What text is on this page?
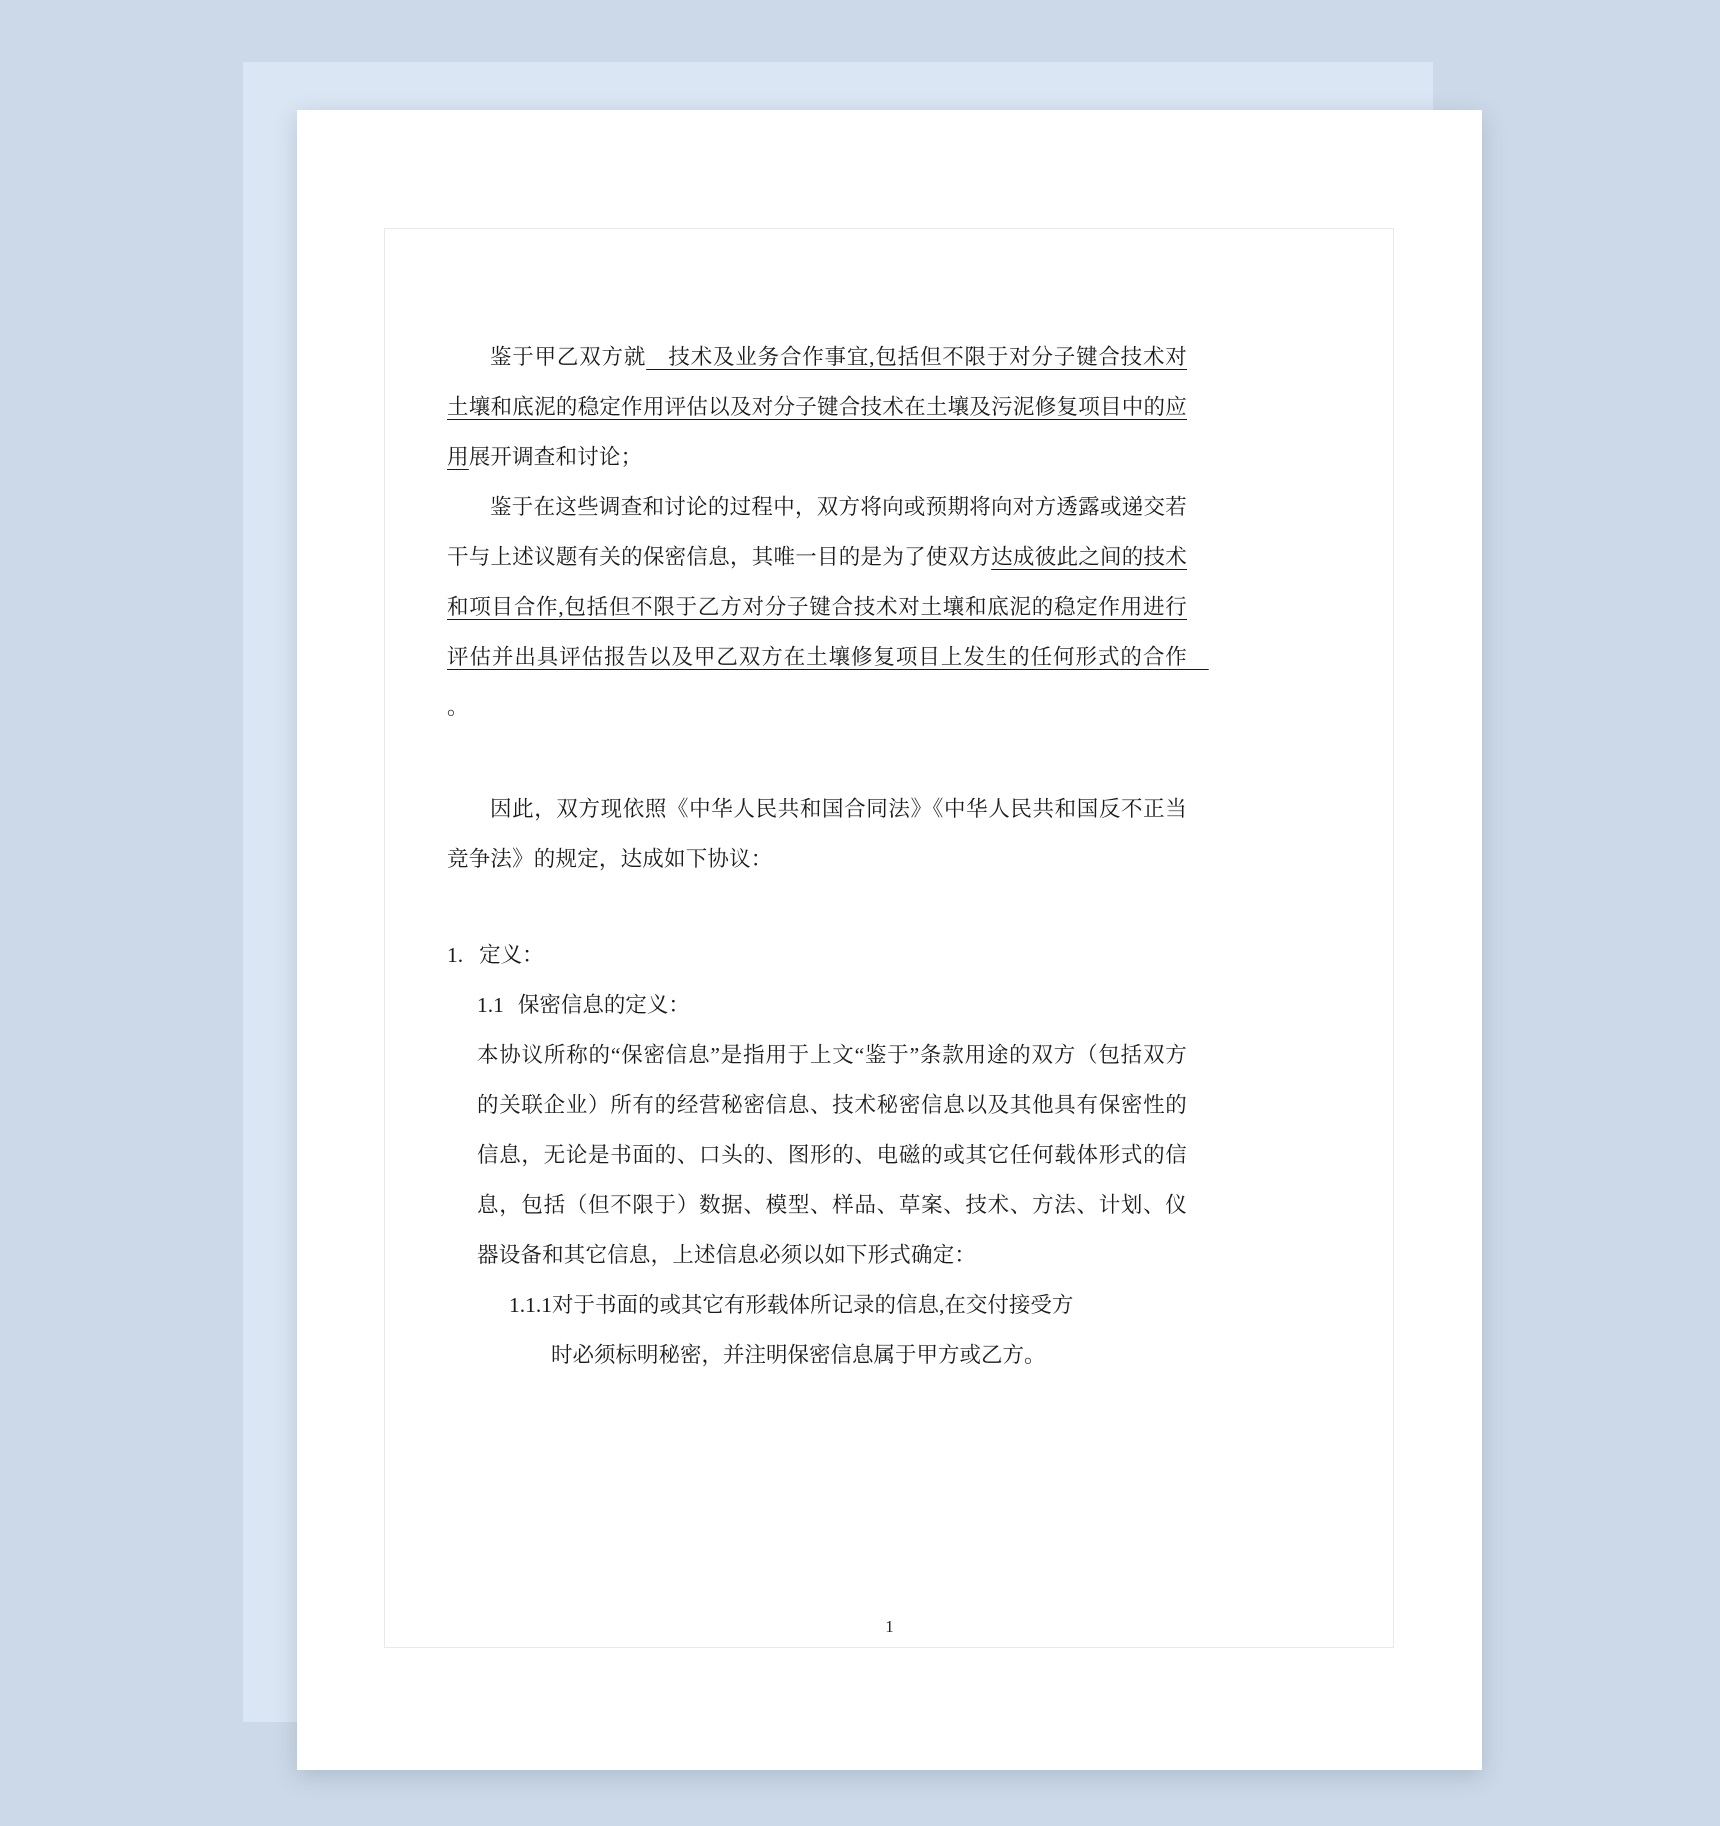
鉴于甲乙双方就　技术及业务合作事宜,包括但不限于对分子键合技术对土壤和底泥的稳定作用评估以及对分子键合技术在土壤及污泥修复项目中的应用展开调查和讨论；

鉴于在这些调查和讨论的过程中，双方将向或预期将向对方透露或递交若干与上述议题有关的保密信息，其唯一目的是为了使双方达成彼此之间的技术和项目合作,包括但不限于乙方对分子键合技术对土壤和底泥的稳定作用进行评估并出具评估报告以及甲乙双方在土壤修复项目上发生的任何形式的合作　。

因此，双方现依照《中华人民共和国合同法》《中华人民共和国反不正当竞争法》的规定，达成如下协议：

1. 定义：
1.1 保密信息的定义：

本协议所称的“保密信息”是指用于上文“鉴于”条款用途的双方（包括双方的关联企业）所有的经营秘密信息、技术秘密信息以及其他具有保密性的信息，无论是书面的、口头的、图形的、电磁的或其它任何载体形式的信息，包括（但不限于）数据、模型、样品、草案、技术、方法、计划、仪器设备和其它信息，上述信息必须以如下形式确定：

1.1.1对于书面的或其它有形载体所记录的信息,在交付接受方
时必须标明秘密，并注明保密信息属于甲方或乙方。
1
